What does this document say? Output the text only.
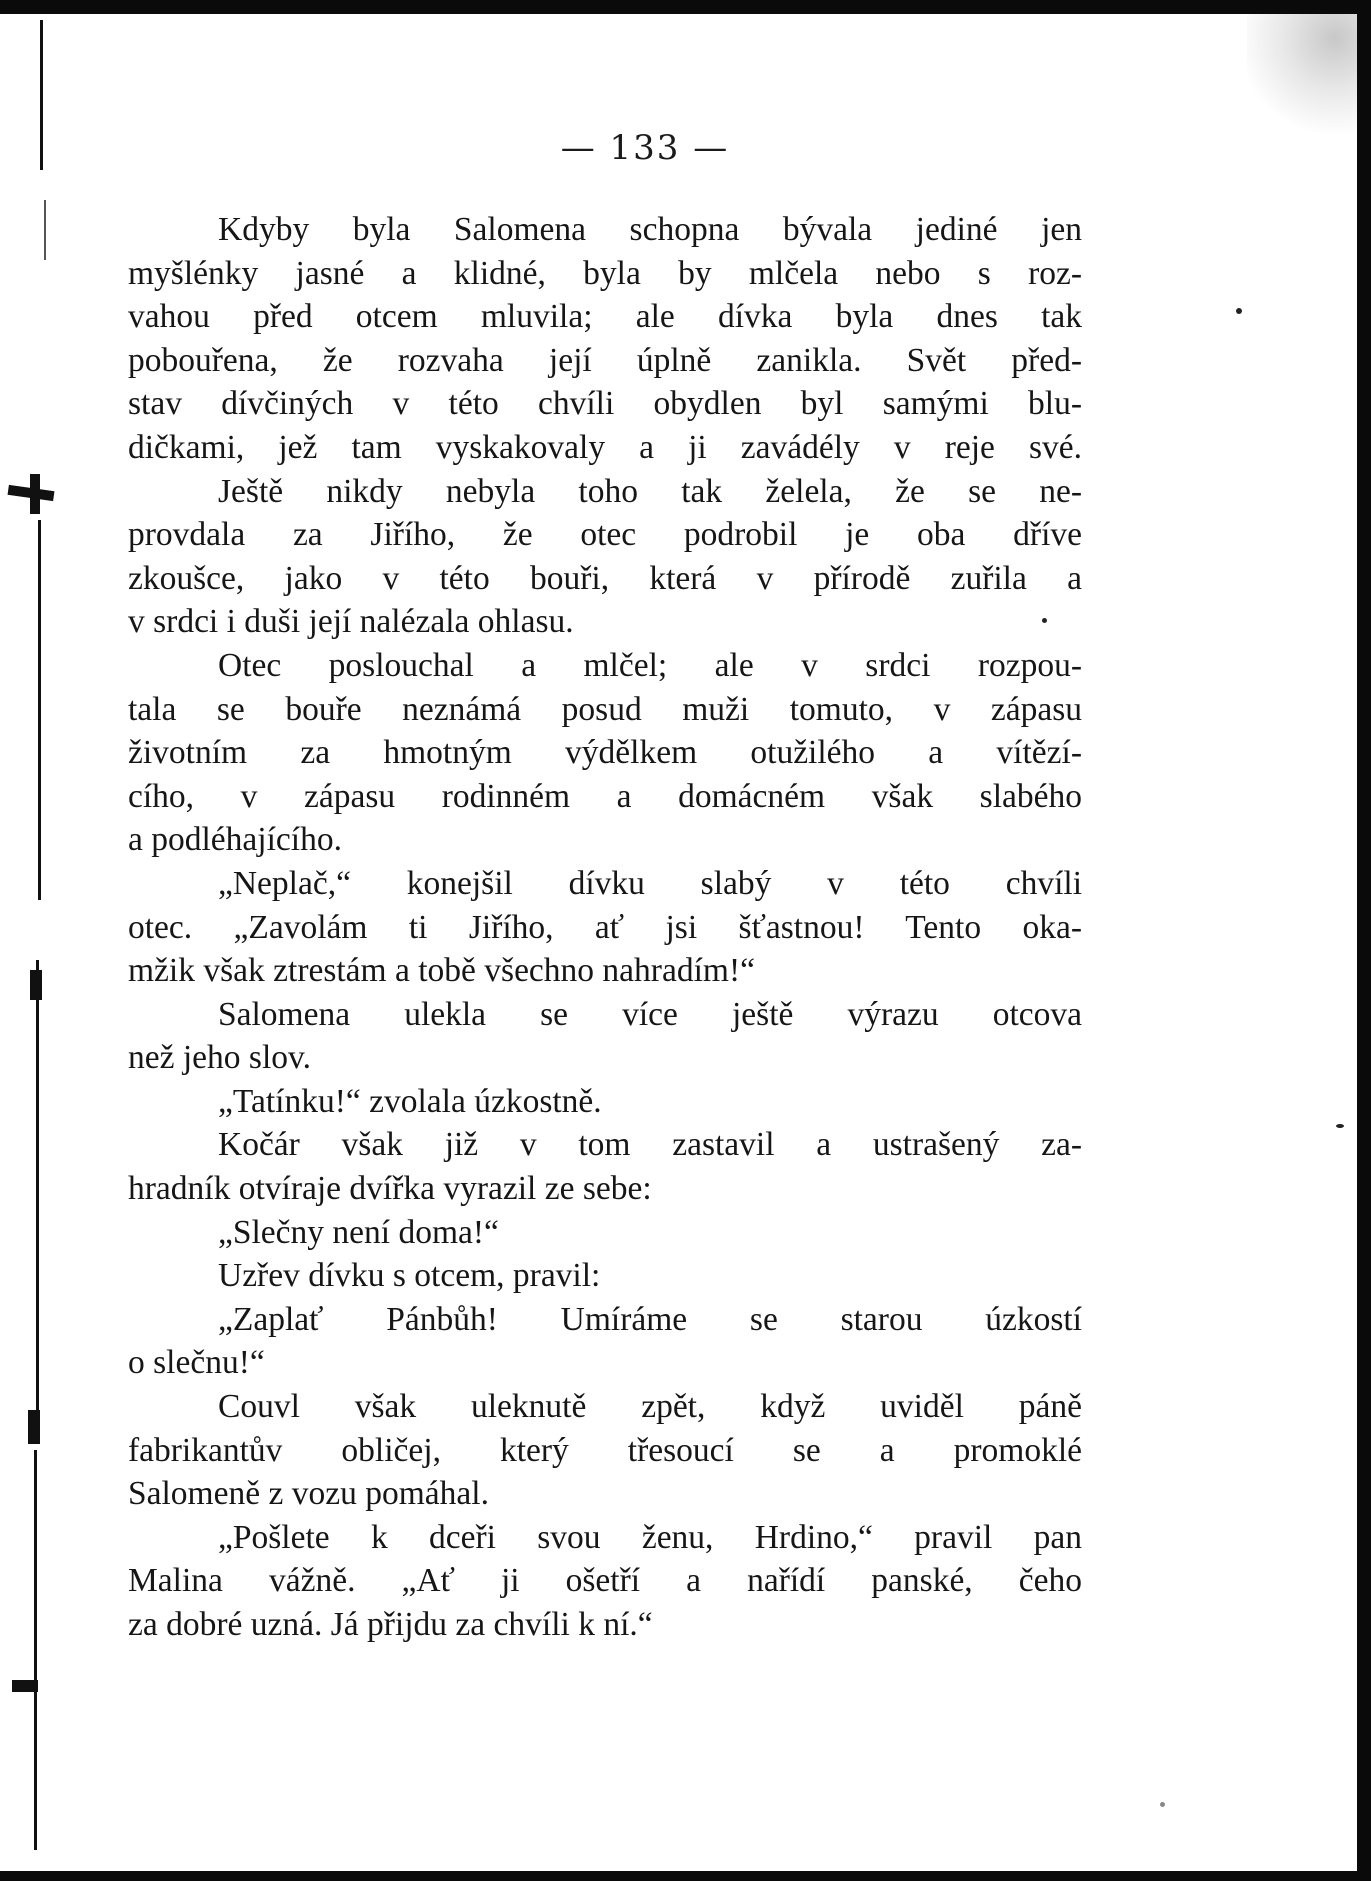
— 133 —
Kdyby byla Salomena schopna bývala jediné jen
myšlénky jasné a klidné, byla by mlčela nebo s roz-
vahou před otcem mluvila; ale dívka byla dnes tak
pobouřena, že rozvaha její úplně zanikla. Svět před-
stav dívčiných v této chvíli obydlen byl samými blu-
dičkami, jež tam vyskakovaly a ji zavádély v reje své.
Ještě nikdy nebyla toho tak želela, že se ne-
provdala za Jiřího, že otec podrobil je oba dříve
zkoušce, jako v této bouři, která v přírodě zuřila a
v srdci i duši její nalézala ohlasu.
Otec poslouchal a mlčel; ale v srdci rozpou-
tala se bouře neznámá posud muži tomuto, v zápasu
životním za hmotným výdělkem otužilého a vítězí-
cího, v zápasu rodinném a domácném však slabého
a podléhajícího.
„Neplač,“ konejšil dívku slabý v této chvíli
otec. „Zavolám ti Jiřího, ať jsi šťastnou! Tento oka-
mžik však ztrestám a tobě všechno nahradím!“
Salomena ulekla se více ještě výrazu otcova
než jeho slov.
„Tatínku!“ zvolala úzkostně.
Kočár však již v tom zastavil a ustrašený za-
hradník otvíraje dvířka vyrazil ze sebe:
„Slečny není doma!“
Uzřev dívku s otcem, pravil:
„Zaplať Pánbůh! Umíráme se starou úzkostí
o slečnu!“
Couvl však uleknutě zpět, když uviděl páně
fabrikantův obličej, který třesoucí se a promoklé
Salomeně z vozu pomáhal.
„Pošlete k dceři svou ženu, Hrdino,“ pravil pan
Malina vážně. „Ať ji ošetří a nařídí panské, čeho
za dobré uzná. Já přijdu za chvíli k ní.“
